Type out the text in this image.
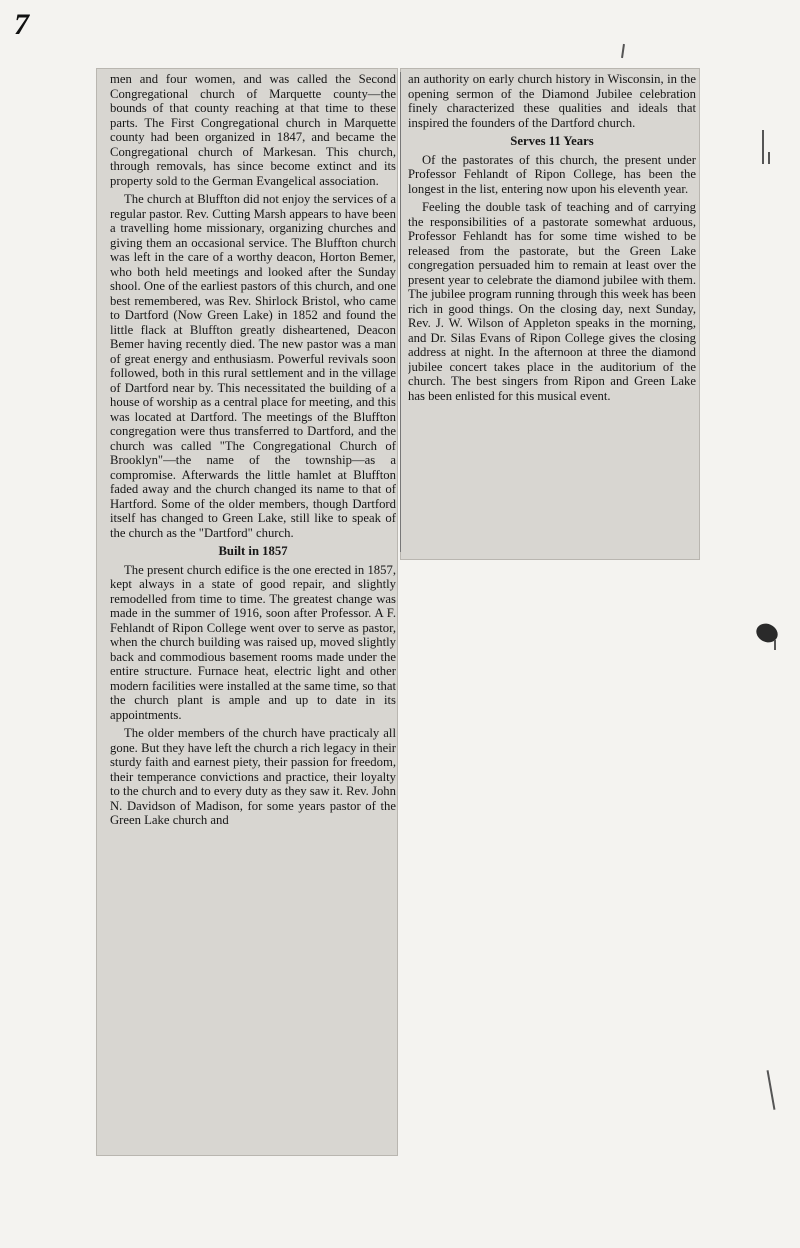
7

men and four women, and was called the Second Congregational church of Marquette county—the bounds of that county reaching at that time to these parts. The First Congregational church in Marquette county had been organized in 1847, and became the Congregational church of Markesan. This church, through removals, has since become extinct and its property sold to the German Evangelical association.

The church at Bluffton did not enjoy the services of a regular pastor. Rev. Cutting Marsh appears to have been a travelling home missionary, organizing churches and giving them an occasional service. The Bluffton church was left in the care of a worthy deacon, Horton Bemer, who both held meetings and looked after the Sunday shool. One of the earliest pastors of this church, and one best remembered, was Rev. Shirlock Bristol, who came to Dartford (Now Green Lake) in 1852 and found the little flack at Bluffton greatly disheartened, Deacon Bemer having recently died. The new pastor was a man of great energy and enthusiasm. Powerful revivals soon followed, both in this rural settlement and in the village of Dartford near by. This necessitated the building of a house of worship as a central place for meeting, and this was located at Dartford. The meetings of the Bluffton congregation were thus transferred to Dartford, and the church was called "The Congregational Church of Brooklyn"—the name of the township—as a compromise. Afterwards the little hamlet at Bluffton faded away and the church changed its name to that of Hartford. Some of the older members, though Dartford itself has changed to Green Lake, still like to speak of the church as the "Dartford" church.

Built in 1857

The present church edifice is the one erected in 1857, kept always in a state of good repair, and slightly remodelled from time to time. The greatest change was made in the summer of 1916, soon after Professor. A F. Fehlandt of Ripon College went over to serve as pastor, when the church building was raised up, moved slightly back and commodious basement rooms made under the entire structure. Furnace heat, electric light and other modern facilities were installed at the same time, so that the church plant is ample and up to date in its appointments.

The older members of the church have practicaly all gone. But they have left the church a rich legacy in their sturdy faith and earnest piety, their passion for freedom, their temperance convictions and practice, their loyalty to the church and to every duty as they saw it. Rev. John N. Davidson of Madison, for some years pastor of the Green Lake church and

an authority on early church history in Wisconsin, in the opening sermon of the Diamond Jubilee celebration finely characterized these qualities and ideals that inspired the founders of the Dartford church.

Serves 11 Years

Of the pastorates of this church, the present under Professor Fehlandt of Ripon College, has been the longest in the list, entering now upon his eleventh year.

Feeling the double task of teaching and of carrying the responsibilities of a pastorate somewhat arduous, Professor Fehlandt has for some time wished to be released from the pastorate, but the Green Lake congregation persuaded him to remain at least over the present year to celebrate the diamond jubilee with them. The jubilee program running through this week has been rich in good things. On the closing day, next Sunday, Rev. J. W. Wilson of Appleton speaks in the morning, and Dr. Silas Evans of Ripon College gives the closing address at night. In the afternoon at three the diamond jubilee concert takes place in the auditorium of the church. The best singers from Ripon and Green Lake has been enlisted for this musical event.
